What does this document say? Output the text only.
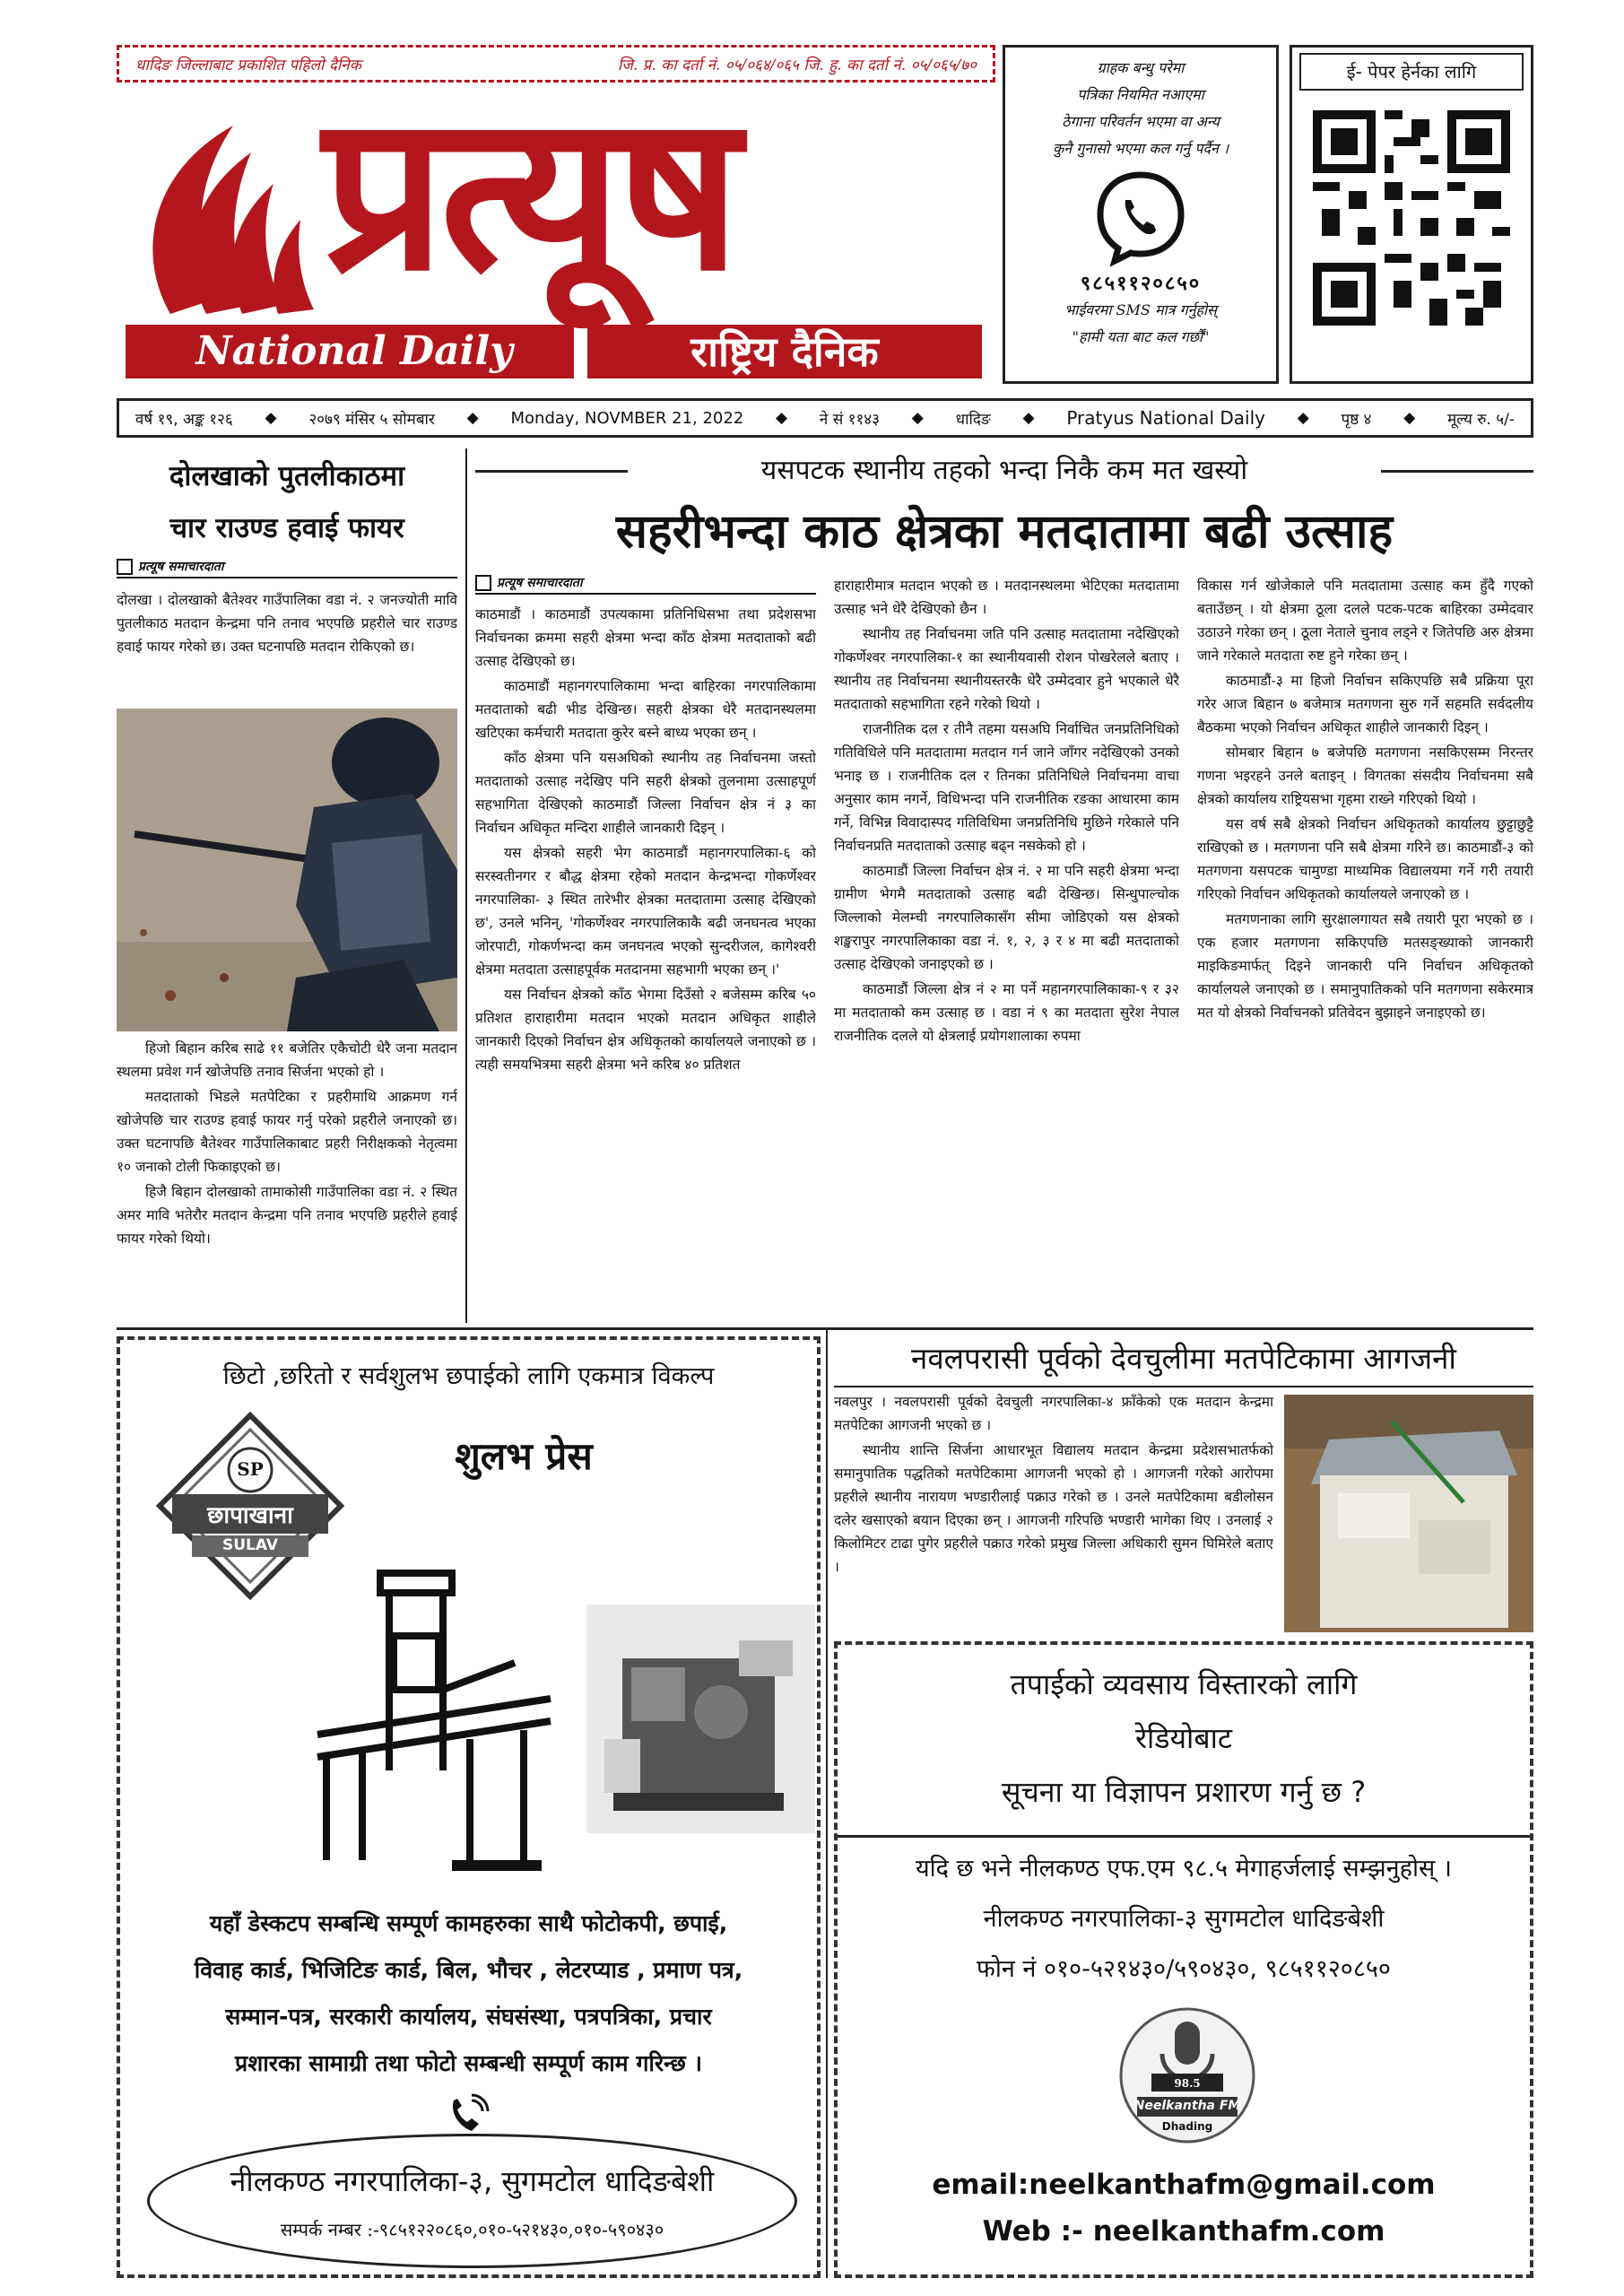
धादिङ जिल्लाबाट प्रकाशित पहिलो दैनिक	जि. प्र. का दर्ता नं. ०५/०६४/०६५ जि. हु. का दर्ता नं. ०५/०६५/७०
प्रत्यूष
National Daily	राष्ट्रिय दैनिक
ग्राहक बन्धु परेमा
पत्रिका नियमित नआएमा
ठेगाना परिवर्तन भएमा वा अन्य
कुनै गुनासो भएमा कल गर्नु पर्दैन ।
९८५११२०८५०
भाईवरमा SMS मात्र गर्नुहोस्
"हामी यता बाट कल गर्छौं"
ई- पेपर हेर्नका लागि
वर्ष १९, अङ्क १२६ ◆ २०७९ मंसिर ५ सोमबार ◆ Monday, NOVMBER 21, 2022 ◆ ने सं ११४३ ◆ धादिङ ◆ Pratyus National Daily ◆ पृष्ठ ४ ◆ मूल्य रु. ५/-
दोलखाको पुतलीकाठमा
चार राउण्ड हवाई फायर
प्रत्यूष समाचारदाता

दोलखा । दोलखाको बैतेश्वर गाउँपालिका वडा नं. २ जनज्योती मावि पुतलीकाठ मतदान केन्द्रमा पनि तनाव भएपछि प्रहरीले चार राउण्ड हवाई फायर गरेको छ। उक्त घटनापछि मतदान रोकिएको छ।

हिजो बिहान करिब साढे ११ बजेतिर एकैचोटी धेरै जना मतदान स्थलमा प्रवेश गर्न खोजेपछि तनाव सिर्जना भएको हो ।

मतदाताको भिडले मतपेटिका र प्रहरीमाथि आक्रमण गर्न खोजेपछि चार राउण्ड हवाई फायर गर्नु परेको प्रहरीले जनाएको छ। उक्त घटनापछि बैतेश्वर गाउँपालिकाबाट प्रहरी निरीक्षकको नेतृत्वमा १० जनाको टोली फिकाइएको छ।

हिजै बिहान दोलखाको तामाकोसी गाउँपालिका वडा नं. २ स्थित अमर मावि भतेरौर मतदान केन्द्रमा पनि तनाव भएपछि प्रहरीले हवाई फायर गरेको थियो।

यसपटक स्थानीय तहको भन्दा निकै कम मत खस्यो
सहरीभन्दा काठ क्षेत्रका मतदातामा बढी उत्साह
प्रत्यूष समाचारदाता

काठमाडौं । काठमाडौं उपत्यकामा प्रतिनिधिसभा तथा प्रदेशसभा निर्वाचनका क्रममा सहरी क्षेत्रमा भन्दा काँठ क्षेत्रमा मतदाताको बढी उत्साह देखिएको छ।

काठमाडौं महानगरपालिकामा भन्दा बाहिरका नगरपालिकामा मतदाताको बढी भीड देखिन्छ। सहरी क्षेत्रका धेरै मतदानस्थलमा खटिएका कर्मचारी मतदाता कुरेर बस्ने बाध्य भएका छन् ।

काँठ क्षेत्रमा पनि यसअघिको स्थानीय तह निर्वाचनमा जस्तो मतदाताको उत्साह नदेखिए पनि सहरी क्षेत्रको तुलनामा उत्साहपूर्ण सहभागिता देखिएको काठमाडौं जिल्ला निर्वाचन क्षेत्र नं ३ का निर्वाचन अधिकृत मन्दिरा शाहीले जानकारी दिइन् ।

यस क्षेत्रको सहरी भेग काठमाडौं महानगरपालिका-६ को सरस्वतीनगर र बौद्ध क्षेत्रमा रहेको मतदान केन्द्रभन्दा गोकर्णेश्वर नगरपालिका- ३ स्थित तारेभीर क्षेत्रका मतदातामा उत्साह देखिएको छ', उनले भनिन्, 'गोकर्णेश्वर नगरपालिकाकै बढी जनघनत्व भएका जोरपाटी, गोकर्णभन्दा कम जनघनत्व भएको सुन्दरीजल, कागेश्वरी क्षेत्रमा मतदाता उत्साहपूर्वक मतदानमा सहभागी भएका छन् ।'

यस निर्वाचन क्षेत्रको काँठ भेगमा दिउँसो २ बजेसम्म करिब ५० प्रतिशत हाराहारीमा मतदान भएको मतदान अधिकृत शाहीले जानकारी दिएको निर्वाचन क्षेत्र अधिकृतको कार्यालयले जनाएको छ । त्यही समयभित्रमा सहरी क्षेत्रमा भने करिब ४० प्रतिशत

हाराहारीमात्र मतदान भएको छ । मतदानस्थलमा भेटिएका मतदातामा उत्साह भने धेरै देखिएको छैन ।

स्थानीय तह निर्वाचनमा जति पनि उत्साह मतदातामा नदेखिएको गोकर्णेश्वर नगरपालिका-१ का स्थानीयवासी रोशन पोखरेलले बताए । स्थानीय तह निर्वाचनमा स्थानीयस्तरकै धेरै उम्मेदवार हुने भएकाले धेरै मतदाताको सहभागिता रहने गरेको थियो ।

राजनीतिक दल र तीनै तहमा यसअघि निर्वाचित जनप्रतिनिधिको गतिविधिले पनि मतदातामा मतदान गर्न जाने जाँगर नदेखिएको उनको भनाइ छ । राजनीतिक दल र तिनका प्रतिनिधिले निर्वाचनमा वाचा अनुसार काम नगर्ने, विधिभन्दा पनि राजनीतिक रङका आधारमा काम गर्ने, विभिन्न विवादास्पद गतिविधिमा जनप्रतिनिधि मुछिने गरेकाले पनि निर्वाचनप्रति मतदाताको उत्साह बढ्न नसकेको हो ।

काठमाडौं जिल्ला निर्वाचन क्षेत्र नं. २ मा पनि सहरी क्षेत्रमा भन्दा ग्रामीण भेगमै मतदाताको उत्साह बढी देखिन्छ। सिन्धुपाल्चोक जिल्लाको मेलम्ची नगरपालिकासँग सीमा जोडिएको यस क्षेत्रको शङ्खरापुर नगरपालिकाका वडा नं. १, २, ३ र ४ मा बढी मतदाताको उत्साह देखिएको जनाइएको छ ।

काठमाडौं जिल्ला क्षेत्र नं २ मा पर्ने महानगरपालिकाका-९ र ३२ मा मतदाताको कम उत्साह छ । वडा नं ९ का मतदाता सुरेश नेपाल राजनीतिक दलले यो क्षेत्रलाई प्रयोगशालाका रुपमा

विकास गर्न खोजेकाले पनि मतदातामा उत्साह कम हुँदै गएको बताउँछन् । यो क्षेत्रमा ठूला दलले पटक-पटक बाहिरका उम्मेदवार उठाउने गरेका छन् । ठूला नेताले चुनाव लड्ने र जितेपछि अरु क्षेत्रमा जाने गरेकाले मतदाता रुष्ट हुने गरेका छन् ।

काठमाडौं-३ मा हिजो निर्वाचन सकिएपछि सबै प्रक्रिया पूरा गरेर आज बिहान ७ बजेमात्र मतगणना सुरु गर्ने सहमति सर्वदलीय बैठकमा भएको निर्वाचन अधिकृत शाहीले जानकारी दिइन् ।

सोमबार बिहान ७ बजेपछि मतगणना नसकिएसम्म निरन्तर गणना भइरहने उनले बताइन् । विगतका संसदीय निर्वाचनमा सबै क्षेत्रको कार्यालय राष्ट्रियसभा गृहमा राख्ने गरिएको थियो ।

यस वर्ष सबै क्षेत्रको निर्वाचन अधिकृतको कार्यालय छुट्टाछुट्टै राखिएको छ । मतगणना पनि सबै क्षेत्रमा गरिने छ। काठमाडौं-३ को मतगणना यसपटक चामुण्डा माध्यमिक विद्यालयमा गर्ने गरी तयारी गरिएको निर्वाचन अधिकृतको कार्यालयले जनाएको छ ।

मतगणनाका लागि सुरक्षालगायत सबै तयारी पूरा भएको छ । एक हजार मतगणना सकिएपछि मतसङ्ख्याको जानकारी माइकिङमार्फत् दिइने जानकारी पनि निर्वाचन अधिकृतको कार्यालयले जनाएको छ । समानुपातिकको पनि मतगणना सकेरमात्र मत यो क्षेत्रको निर्वाचनको प्रतिवेदन बुझाइने जनाइएको छ।

छिटो ,छरितो र सर्वशुलभ छपाईको लागि एकमात्र विकल्प
SP
छापाखाना
SULAV
शुलभ प्रेस
यहाँ डेस्कटप सम्बन्धि सम्पूर्ण कामहरुका साथै फोटोकपी, छपाई,
विवाह कार्ड, भिजिटिङ कार्ड, बिल, भौचर , लेटरप्याड , प्रमाण पत्र,
सम्मान-पत्र, सरकारी कार्यालय, संघसंस्था, पत्रपत्रिका, प्रचार
प्रशारका सामाग्री तथा फोटो सम्बन्धी सम्पूर्ण काम गरिन्छ ।
नीलकण्ठ नगरपालिका-३, सुगमटोल धादिङबेशी
सम्पर्क नम्बर :-९८५१२२०८६०,०१०-५२१४३०,०१०-५९०४३०
नवलपरासी पूर्वको देवचुलीमा मतपेटिकामा आगजनी

नवलपुर । नवलपरासी पूर्वको देवचुली नगरपालिका-४ फ्राँकेको एक मतदान केन्द्रमा मतपेटिका आगजनी भएको छ ।

स्थानीय शान्ति सिर्जना आधारभूत विद्यालय मतदान केन्द्रमा प्रदेशसभातर्फको समानुपातिक पद्धतिको मतपेटिकामा आगजनी भएको हो । आगजनी गरेको आरोपमा प्रहरीले स्थानीय नारायण भण्डारीलाई पक्राउ गरेको छ । उनले मतपेटिकामा बडीलोसन दलेर खसाएको बयान दिएका छन् । आगजनी गरिपछि भण्डारी भागेका थिए । उनलाई २ किलोमिटर टाढा पुगेर प्रहरीले पक्राउ गरेको प्रमुख जिल्ला अधिकारी सुमन घिमिरेले बताए ।

तपाईको व्यवसाय विस्तारको लागि
रेडियोबाट
सूचना या विज्ञापन प्रशारण गर्नु छ ?
यदि छ भने नीलकण्ठ एफ.एम ९८.५ मेगाहर्जलाई सम्झनुहोस् ।
नीलकण्ठ नगरपालिका-३ सुगमटोल धादिङबेशी
फोन नं ०१०-५२१४३०/५९०४३०, ९८५११२०८५०
98.5
Neelkantha FM
Dhading
email:neelkanthafm@gmail.com
Web :- neelkanthafm.com
